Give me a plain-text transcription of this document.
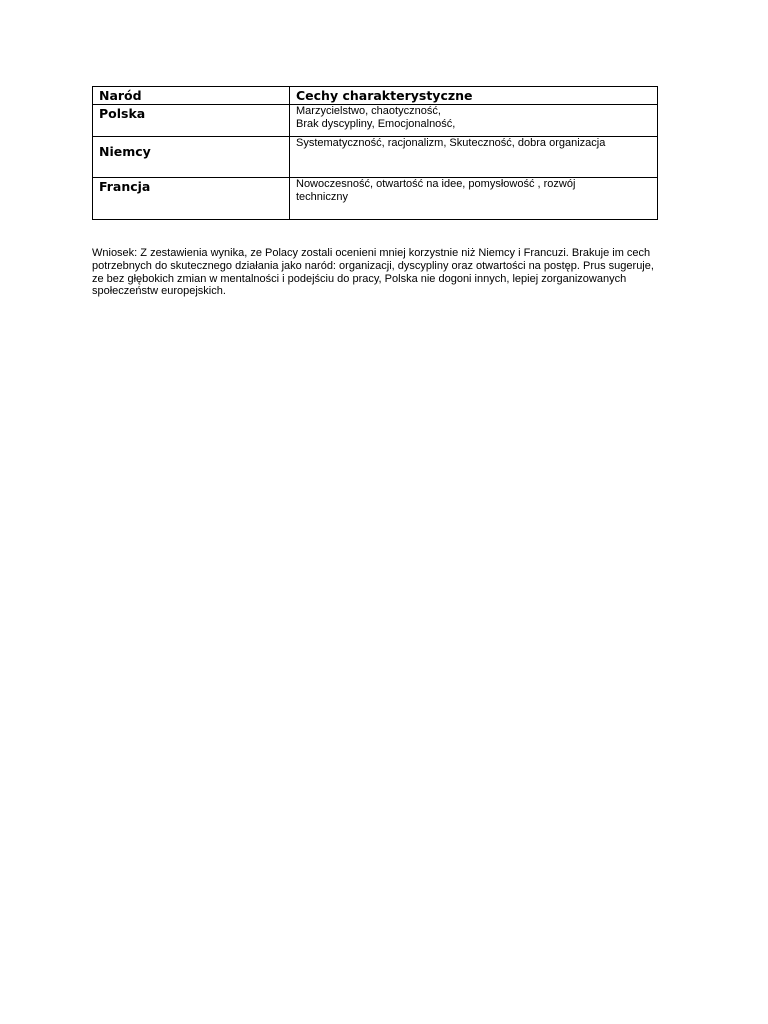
Naród	Cechy charakterystyczne
Polska	Marzycielstwo, chaotyczność,
Brak dyscypliny, Emocjonalność,

Niemcy	Systematyczność, racjonalizm, Skuteczność, dobra organizacja

Francja	Nowoczesność, otwartość na idee, pomysłowość , rozwój
techniczny

Wniosek: Z zestawienia wynika, ze Polacy zostali ocenieni mniej korzystnie niż Niemcy i Francuzi. Brakuje im cech potrzebnych do skutecznego działania jako naród: organizacji, dyscypliny oraz otwartości na postęp. Prus sugeruje, ze bez głębokich zmian w mentalności i podejściu do pracy, Polska nie dogoni innych, lepiej zorganizowanych społeczeństw europejskich.
